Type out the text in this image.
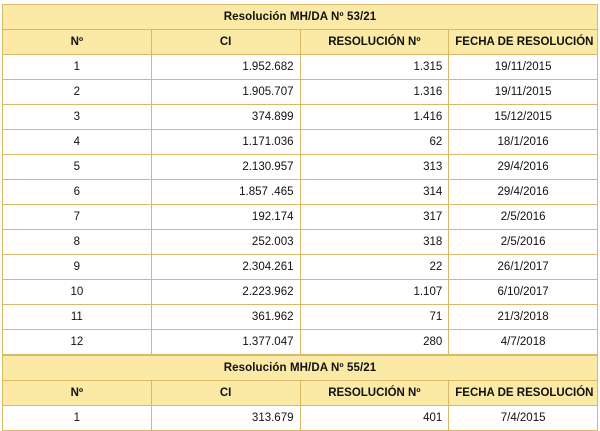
Resolución MH/DA Nº 53/21			
Nº	CI	RESOLUCIÓN Nº	FECHA DE RESOLUCIÓN
1	1.952.682	1.315	19/11/2015
2	1.905.707	1.316	19/11/2015
3	374.899	1.416	15/12/2015
4	1.171.036	62	18/1/2016
5	2.130.957	313	29/4/2016
6	1.857 .465	314	29/4/2016
7	192.174	317	2/5/2016
8	252.003	318	2/5/2016
9	2.304.261	22	26/1/2017
10	2.223.962	1.107	6/10/2017
11	361.962	71	21/3/2018
12	1.377.047	280	4/7/2018
Resolución MH/DA Nº 55/21			
Nº	CI	RESOLUCIÓN Nº	FECHA DE RESOLUCIÓN
1	313.679	401	7/4/2015
